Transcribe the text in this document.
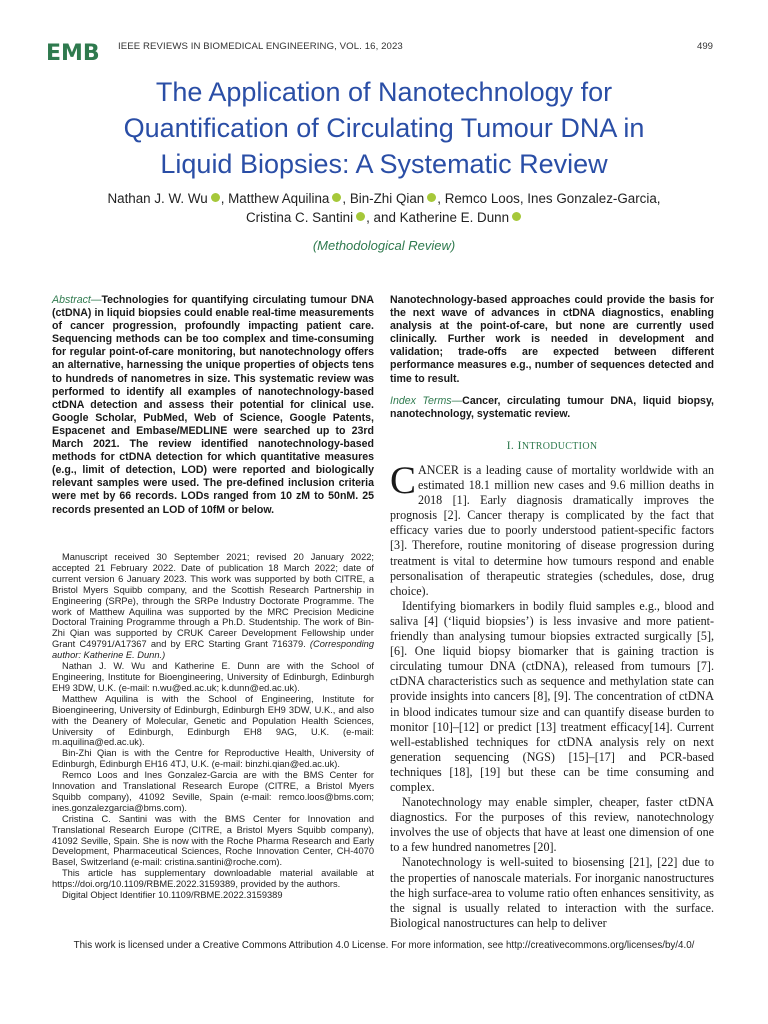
EMB	IEEE REVIEWS IN BIOMEDICAL ENGINEERING, VOL. 16, 2023	499
The Application of Nanotechnology for
Quantification of Circulating Tumour DNA in
Liquid Biopsies: A Systematic Review
Nathan J. W. Wu , Matthew Aquilina , Bin-Zhi Qian , Remco Loos, Ines Gonzalez-Garcia,
Cristina C. Santini , and Katherine E. Dunn
(Methodological Review)
Abstract—Technologies for quantifying circulating tumour DNA (ctDNA) in liquid biopsies could enable real-time measurements of cancer progression, profoundly impacting patient care. Sequencing methods can be too complex and time-consuming for regular point-of-care monitoring, but nanotechnology offers an alternative, harnessing the unique properties of objects tens to hundreds of nanometres in size. This systematic review was performed to identify all examples of nanotechnology-based ctDNA detection and assess their potential for clinical use. Google Scholar, PubMed, Web of Science, Google Patents, Espacenet and Embase/MEDLINE were searched up to 23rd March 2021. The review identified nanotechnology-based methods for ctDNA detection for which quantitative measures (e.g., limit of detection, LOD) were reported and biologically relevant samples were used. The pre-defined inclusion criteria were met by 66 records. LODs ranged from 10 zM to 50nM. 25 records presented an LOD of 10fM or below.
Nanotechnology-based approaches could provide the basis for the next wave of advances in ctDNA diagnostics, enabling analysis at the point-of-care, but none are currently used clinically. Further work is needed in development and validation; trade-offs are expected between different performance measures e.g., number of sequences detected and time to result.
Index Terms—Cancer, circulating tumour DNA, liquid biopsy, nanotechnology, systematic review.
I. INTRODUCTION

Manuscript received 30 September 2021; revised 20 January 2022; accepted 21 February 2022. Date of publication 18 March 2022; date of current version 6 January 2023. This work was supported by both CITRE, a Bristol Myers Squibb company, and the Scottish Research Partnership in Engineering (SRPe), through the SRPe Industry Doctorate Programme. The work of Matthew Aquilina was supported by the MRC Precision Medicine Doctoral Training Programme through a Ph.D. Studentship. The work of Bin-Zhi Qian was supported by CRUK Career Development Fellowship under Grant C49791/A17367 and by ERC Starting Grant 716379. (Corresponding author: Katherine E. Dunn.)

Nathan J. W. Wu and Katherine E. Dunn are with the School of Engineering, Institute for Bioengineering, University of Edinburgh, Edinburgh EH9 3DW, U.K. (e-mail: n.wu@ed.ac.uk; k.dunn@ed.ac.uk).

Matthew Aquilina is with the School of Engineering, Institute for Bioengineering, University of Edinburgh, Edinburgh EH9 3DW, U.K., and also with the Deanery of Molecular, Genetic and Population Health Sciences, University of Edinburgh, Edinburgh EH8 9AG, U.K. (e-mail: m.aquilina@ed.ac.uk).

Bin-Zhi Qian is with the Centre for Reproductive Health, University of Edinburgh, Edinburgh EH16 4TJ, U.K. (e-mail: binzhi.qian@ed.ac.uk).

Remco Loos and Ines Gonzalez-Garcia are with the BMS Center for Innovation and Translational Research Europe (CITRE, a Bristol Myers Squibb company), 41092 Seville, Spain (e-mail: remco.loos@bms.com; ines.gonzalezgarcia@bms.com).

Cristina C. Santini was with the BMS Center for Innovation and Translational Research Europe (CITRE, a Bristol Myers Squibb company), 41092 Seville, Spain. She is now with the Roche Pharma Research and Early Development, Pharmaceutical Sciences, Roche Innovation Center, CH-4070 Basel, Switzerland (e-mail: cristina.santini@roche.com).

This article has supplementary downloadable material available at https://doi.org/10.1109/RBME.2022.3159389, provided by the authors.

Digital Object Identifier 10.1109/RBME.2022.3159389

CANCER is a leading cause of mortality worldwide with an estimated 18.1 million new cases and 9.6 million deaths in 2018 [1]. Early diagnosis dramatically improves the prognosis [2]. Cancer therapy is complicated by the fact that efficacy varies due to poorly understood patient-specific factors [3]. Therefore, routine monitoring of disease progression during treatment is vital to determine how tumours respond and enable personalisation of therapeutic strategies (schedules, dose, drug choice).

Identifying biomarkers in bodily fluid samples e.g., blood and saliva [4] (‘liquid biopsies’) is less invasive and more patient-friendly than analysing tumour biopsies extracted surgically [5], [6]. One liquid biopsy biomarker that is gaining traction is circulating tumour DNA (ctDNA), released from tumours [7]. ctDNA characteristics such as sequence and methylation state can provide insights into cancers [8], [9]. The concentration of ctDNA in blood indicates tumour size and can quantify disease burden to monitor [10]–[12] or predict [13] treatment efficacy[14]. Current well-established techniques for ctDNA analysis rely on next generation sequencing (NGS) [15]–[17] and PCR-based techniques [18], [19] but these can be time consuming and complex.

Nanotechnology may enable simpler, cheaper, faster ctDNA diagnostics. For the purposes of this review, nanotechnology involves the use of objects that have at least one dimension of one to a few hundred nanometres [20].

Nanotechnology is well-suited to biosensing [21], [22] due to the properties of nanoscale materials. For inorganic nanostructures the high surface-area to volume ratio often enhances sensitivity, as the signal is usually related to interaction with the surface. Biological nanostructures can help to deliver

This work is licensed under a Creative Commons Attribution 4.0 License. For more information, see http://creativecommons.org/licenses/by/4.0/
